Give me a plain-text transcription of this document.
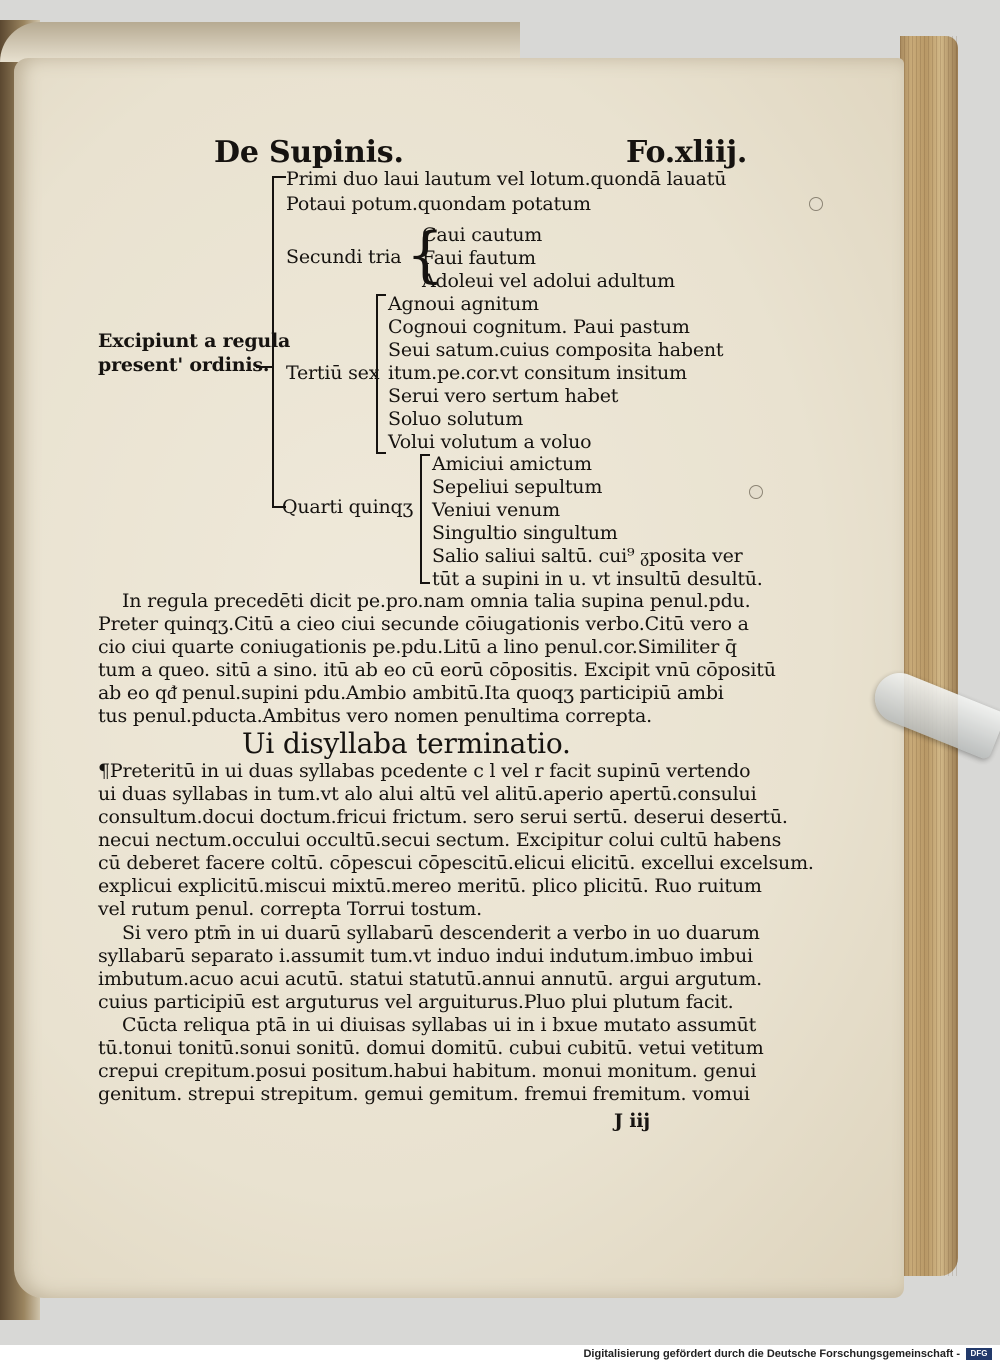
De Supinis.	Fo.xliij.
{
Excipiunt a regula
present' ordinis.
Primi duo laui lautum vel lotum.quondā lauatū
Potaui potum.quondam potatum
Secundi tria
Caui cautum
Faui fautum
Adoleui vel adolui adultum
Tertiū sex
Agnoui agnitum
Cognoui cognitum. Paui pastum
Seui satum.cuius composita habent
itum.pe.cor.vt consitum insitum
Serui vero sertum habet
Soluo solutum
Volui volutum a voluo
Quarti quinqʒ
Amiciui amictum
Sepeliui sepultum
Veniui venum
Singultio singultum
Salio saliui saltū. cui⁹ ᵹposita ver
tūt a supini in u. vt insultū desultū.
In regula precedēti dicit pe.pro.nam omnia talia supina penul.pdu.
Preter quinqʒ.Citū a cieo ciui secunde cōiugationis verbo.Citū vero a
cio ciui quarte coniugationis pe.pdu.Litū a lino penul.cor.Similiter q̄
tum a queo. sitū a sino. itū ab eo cū eorū cōpositis. Excipit vnū cōpositū
ab eo qᵭ penul.supini pdu.Ambio ambitū.Ita quoqʒ participiū ambi
tus penul.pducta.Ambitus vero nomen penultima correpta.
Ui disyllaba terminatio.
¶Preteritū in ui duas syllabas pcedente c l vel r facit supinū vertendo
ui duas syllabas in tum.vt alo alui altū vel alitū.aperio apertū.consului
consultum.docui doctum.fricui frictum. sero serui sertū. deserui desertū.
necui nectum.occului occultū.secui sectum. Excipitur colui cultū habens
cū deberet facere coltū. cōpescui cōpescitū.elicui elicitū. excellui excelsum.
explicui explicitū.miscui mixtū.mereo meritū. plico plicitū. Ruo ruitum
vel rutum penul. correpta Torrui tostum.
Si vero ptm̄ in ui duarū syllabarū descenderit a verbo in uo duarum
syllabarū separato i.assumit tum.vt induo indui indutum.imbuo imbui
imbutum.acuo acui acutū. statui statutū.annui annutū. argui argutum.
cuius participiū est arguturus vel arguiturus.Pluo plui plutum facit.
Cūcta reliqua ptā in ui diuisas syllabas ui in i bxue mutato assumūt
tū.tonui tonitū.sonui sonitū. domui domitū. cubui cubitū. vetui vetitum
crepui crepitum.posui positum.habui habitum. monui monitum. genui
genitum. strepui strepitum. gemui gemitum. fremui fremitum. vomui
J iij
Digitalisierung gefördert durch die Deutsche Forschungsgemeinschaft -	DFG
